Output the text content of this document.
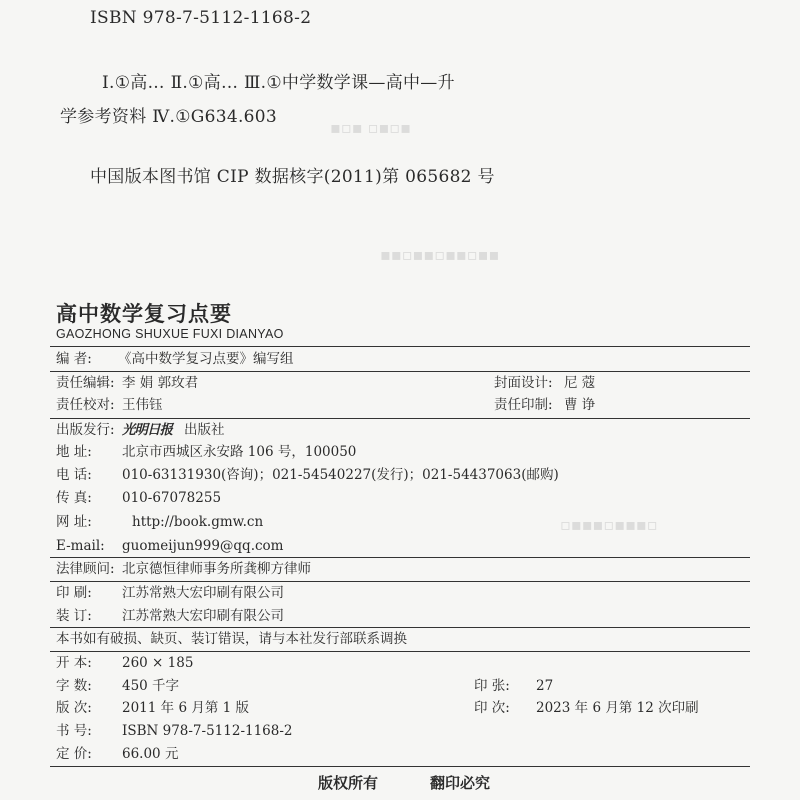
ISBN 978-7-5112-1168-2
Ⅰ.①高… Ⅱ.①高… Ⅲ.①中学数学课—高中—升
学参考资料 Ⅳ.①G634.603
中国版本图书馆 CIP 数据核字(2011)第 065682 号
▪▫▪ ▫▪▫▪
▪▪▫▪▪▫▪▪▫▪▪
▫▪▪▪▫▪▪▪▫
高中数学复习点要
GAOZHONG SHUXUE FUXI DIANYAO
编 者: 《高中数学复习点要》编写组
责任编辑: 李 娟 郭玫君	封面设计: 尼 蔻
责任校对: 王伟钰	责任印制: 曹 诤
出版发行: 光明日报 出版社
地 址: 北京市西城区永安路 106 号，100050
电 话: 010-63131930(咨询)；021-54540227(发行)；021-54437063(邮购)
传 真: 010-67078255
网 址:	http://book.gmw.cn
E-mail: guomeijun999@qq.com
法律顾问: 北京德恒律师事务所龚柳方律师
印 刷: 江苏常熟大宏印刷有限公司
装 订: 江苏常熟大宏印刷有限公司
本书如有破损、缺页、装订错误，请与本社发行部联系调换
开 本: 260 × 185
字 数: 450 千字	印 张: 27
版 次: 2011 年 6 月第 1 版	印 次: 2023 年 6 月第 12 次印刷
书 号: ISBN 978-7-5112-1168-2
定 价: 66.00 元
版权所有	翻印必究
